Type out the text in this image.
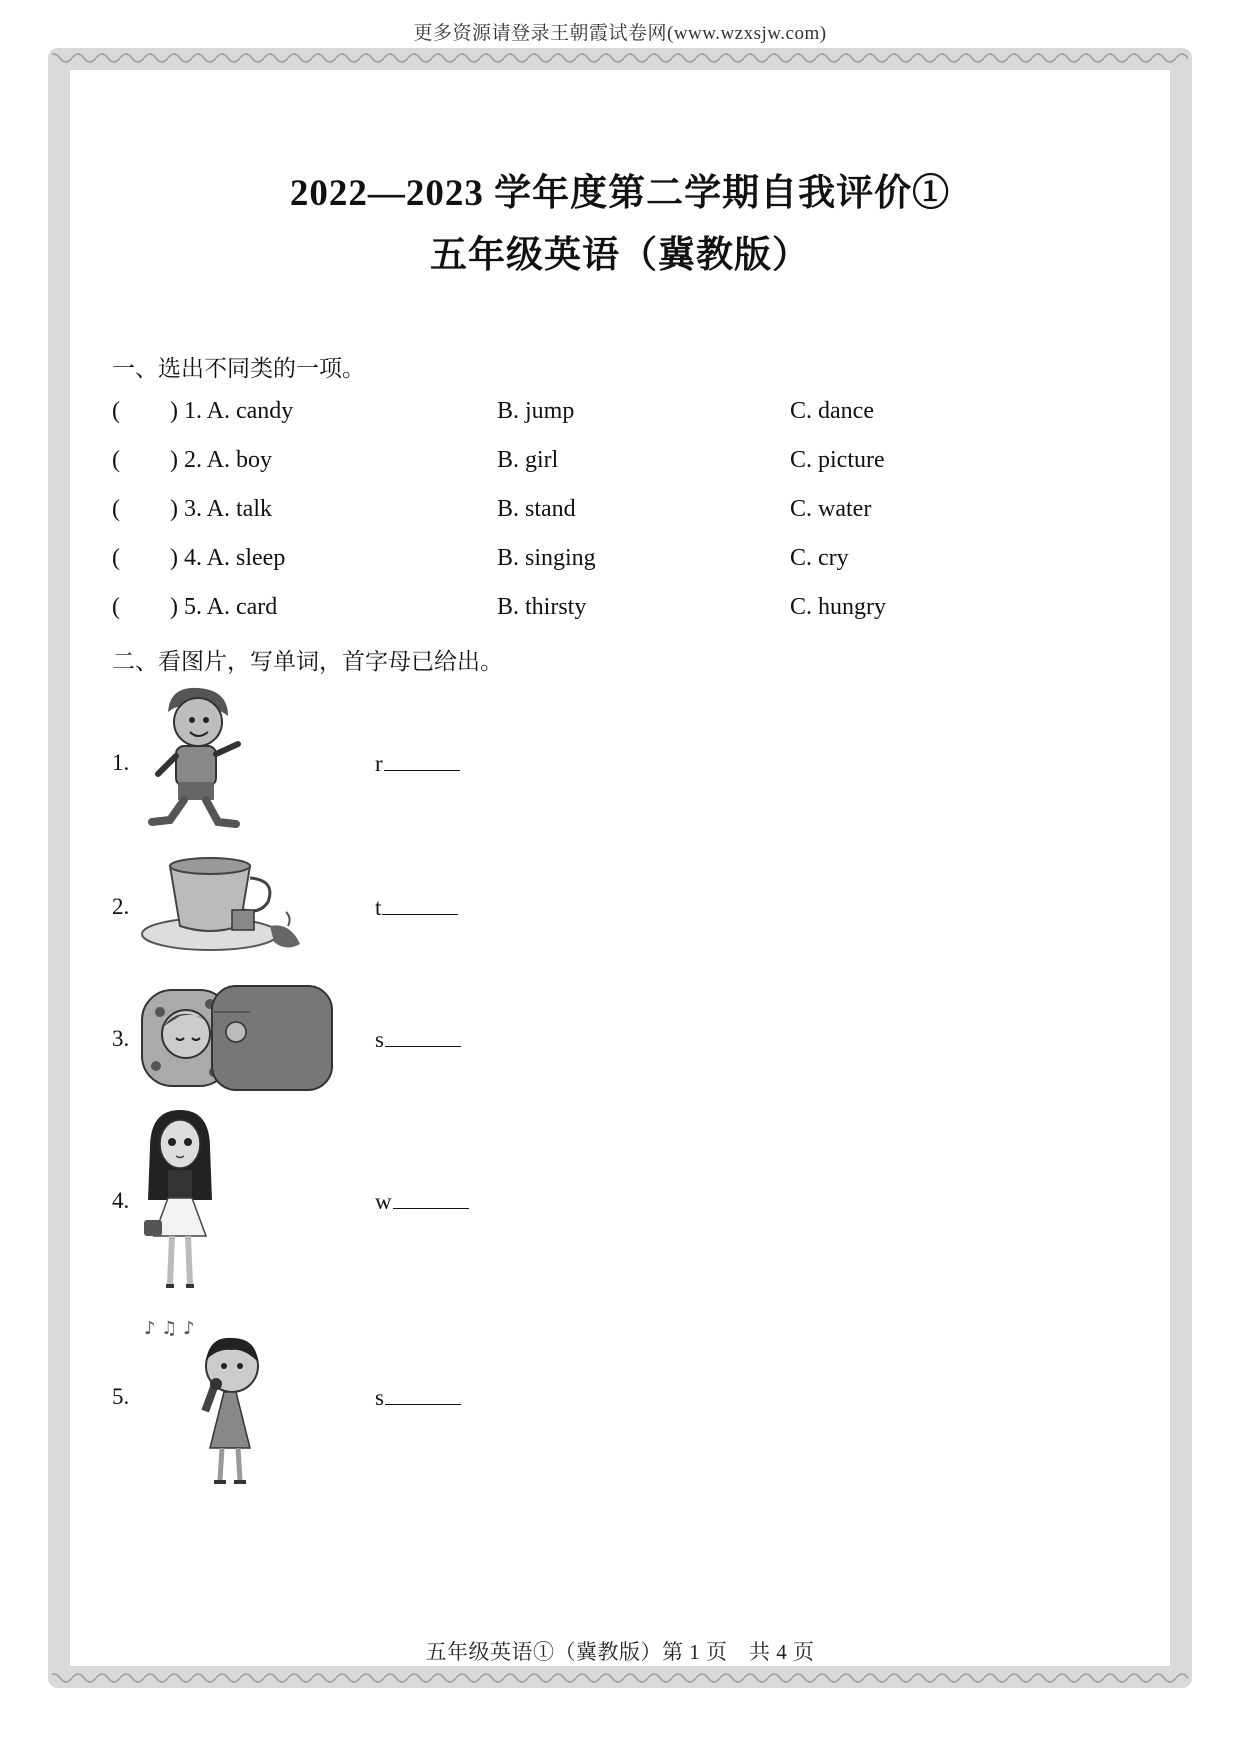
更多资源请登录王朝霞试卷网(www.wzxsjw.com)
2022—2023 学年度第二学期自我评价①
五年级英语（冀教版）
一、选出不同类的一项。
( ) 1. A. candy	B. jump	C. dance
( ) 2. A. boy	B. girl	C. picture
( ) 3. A. talk	B. stand	C. water
( ) 4. A. sleep	B. singing	C. cry
( ) 5. A. card	B. thirsty	C. hungry
二、看图片，写单词，首字母已给出。
1.	r
2.	t
3.	s
4.	w
5.
♪ ♫ ♪
s
五年级英语①（冀教版）第 1 页　共 4 页
